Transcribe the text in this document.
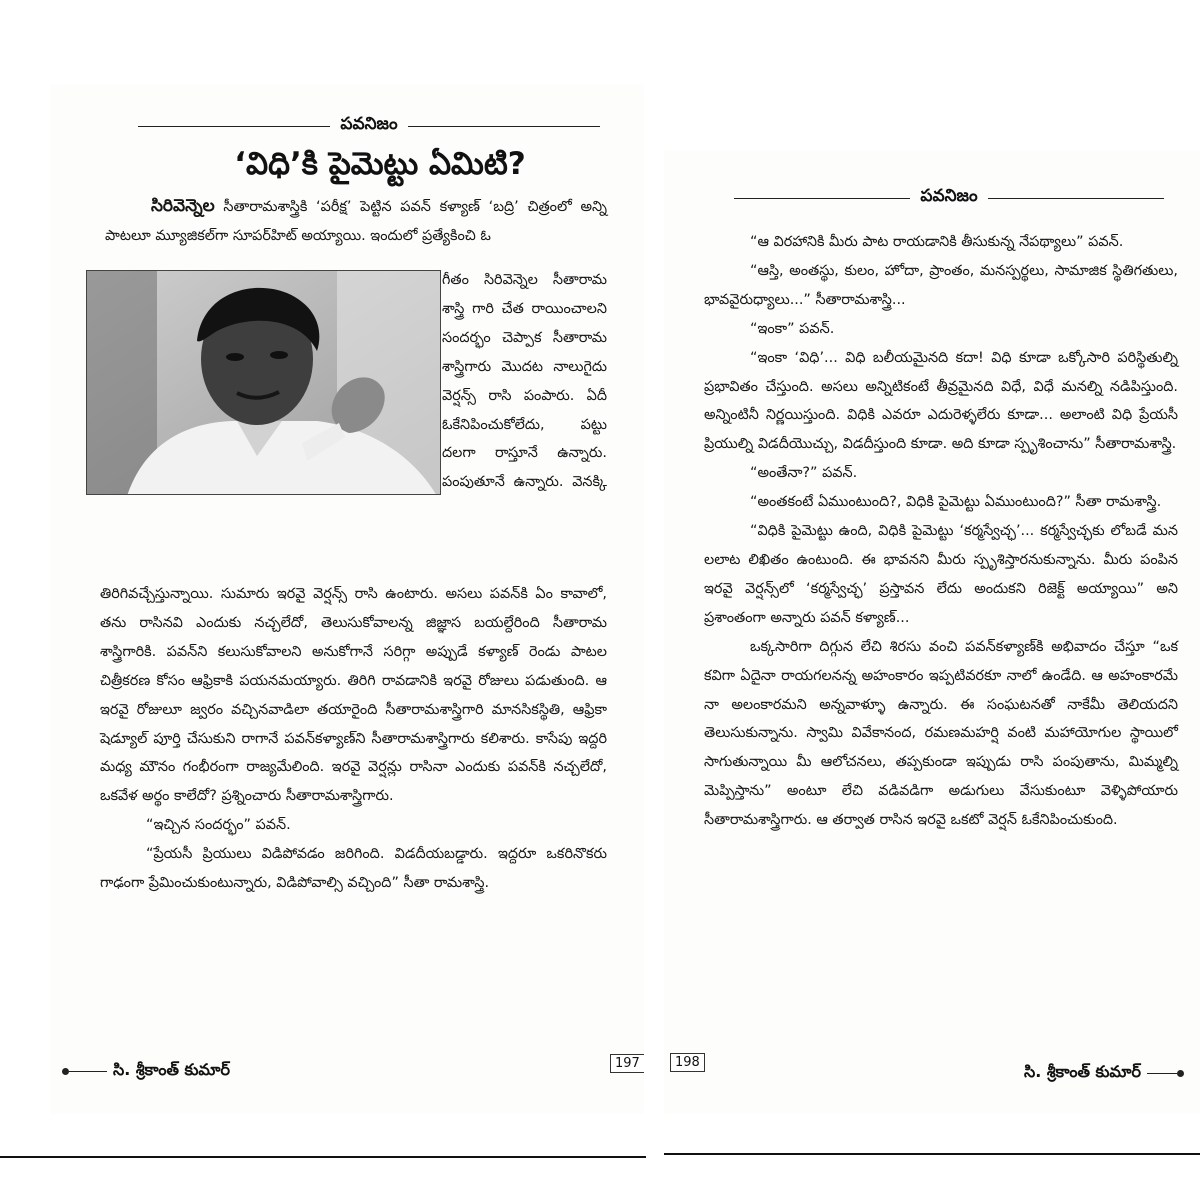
పవనిజం
‘విధి’కి పైమెట్టు ఏమిటి?

సిరివెన్నెల సీతారామశాస్త్రికి ‘పరీక్ష’ పెట్టిన పవన్ కళ్యాణ్ ‘బద్రి’ చిత్రంలో అన్ని పాటలూ మ్యూజికల్‌గా సూపర్‌హిట్ అయ్యాయి. ఇందులో ప్రత్యేకించి ఓ

గీతం సిరివెన్నెల సీతారామ

శాస్త్రి గారి చేత రాయించాలని

సందర్భం చెప్పాక సీతారామ

శాస్త్రిగారు మొదట నాలుగైదు

వెర్షన్స్ రాసి పంపారు. ఏదీ

ఓకేనిపించుకోలేదు, పట్టు

దలగా రాస్తూనే ఉన్నారు.

పంపుతూనే ఉన్నారు. వెనక్కి

తిరిగివచ్చేస్తున్నాయి. సుమారు ఇరవై వెర్షన్స్ రాసి ఉంటారు. అసలు పవన్‌కి ఏం కావాలో, తను రాసినవి ఎందుకు నచ్చలేదో, తెలుసుకోవాలన్న జిజ్ఞాస బయల్దేరింది సీతారామ శాస్త్రిగారికి. పవన్‌ని కలుసుకోవాలని అనుకోగానే సరిగ్గా అప్పుడే కళ్యాణ్ రెండు పాటల చిత్రీకరణ కోసం ఆఫ్రికాకి పయనమయ్యారు. తిరిగి రావడానికి ఇరవై రోజులు పడుతుంది. ఆ ఇరవై రోజులూ జ్వరం వచ్చినవాడిలా తయారైంది సీతారామశాస్త్రిగారి మానసికస్థితి, ఆఫ్రికా షెడ్యూల్ పూర్తి చేసుకుని రాగానే పవన్‌కళ్యాణ్‌ని సీతారామశాస్త్రిగారు కలిశారు. కాసేపు ఇద్దరి మధ్య మౌనం గంభీరంగా రాజ్యమేలింది. ఇరవై వెర్షన్లు రాసినా ఎందుకు పవన్‌కి నచ్చలేదో, ఒకవేళ అర్థం కాలేదో? ప్రశ్నించారు సీతారామశాస్త్రిగారు.

“ఇచ్చిన సందర్భం” పవన్.

“ప్రేయసీ ప్రియులు విడిపోవడం జరిగింది. విడదీయబడ్డారు. ఇద్దరూ ఒకరినొకరు గాఢంగా ప్రేమించుకుంటున్నారు, విడిపోవాల్సి వచ్చింది” సీతా రామశాస్త్రి.

సి. శ్రీకాంత్ కుమార్	197
పవనిజం

“ఆ విరహానికి మీరు పాట రాయడానికి తీసుకున్న నేపథ్యాలు” పవన్.

“ఆస్తి, అంతస్థు, కులం, హోదా, ప్రాంతం, మనస్పర్థలు, సామాజిక స్థితిగతులు, భావవైరుధ్యాలు...” సీతారామశాస్త్రి...

“ఇంకా” పవన్.

“ఇంకా ‘విధి’... విధి బలీయమైనది కదా! విధి కూడా ఒక్కోసారి పరిస్థితుల్ని ప్రభావితం చేస్తుంది. అసలు అన్నిటికంటే తీవ్రమైనది విధే, విధే మనల్ని నడిపిస్తుంది. అన్నింటినీ నిర్ణయిస్తుంది. విధికి ఎవరూ ఎదురెళ్ళలేరు కూడా... అలాంటి విధి ప్రేయసీ ప్రియుల్ని విడదీయొచ్చు, విడదీస్తుంది కూడా. అది కూడా స్పృశించాను” సీతారామశాస్త్రి.

“అంతేనా?” పవన్.

“అంతకంటే ఏముంటుంది?, విధికి పైమెట్టు ఏముంటుంది?” సీతా రామశాస్త్రి.

“విధికి పైమెట్టు ఉంది, విధికి పైమెట్టు ‘కర్మస్వేచ్ఛ’... కర్మస్వేచ్ఛకు లోబడే మన లలాట లిఖితం ఉంటుంది. ఈ భావనని మీరు స్పృశిస్తారనుకున్నాను. మీరు పంపిన ఇరవై వెర్షన్స్‌లో ‘కర్మస్వేచ్ఛ’ ప్రస్తావన లేదు అందుకని రిజెక్ట్ అయ్యాయి” అని ప్రశాంతంగా అన్నారు పవన్ కళ్యాణ్...

ఒక్కసారిగా దిగ్గున లేచి శిరసు వంచి పవన్‌కళ్యాణ్‌కి అభివాదం చేస్తూ “ఒక కవిగా ఏదైనా రాయగలనన్న అహంకారం ఇప్పటివరకూ నాలో ఉండేది. ఆ అహంకారమే నా అలంకారమని అన్నవాళ్ళూ ఉన్నారు. ఈ సంఘటనతో నాకేమీ తెలియదని తెలుసుకున్నాను. స్వామి వివేకానంద, రమణమహర్షి వంటి మహాయోగుల స్థాయిలో సాగుతున్నాయి మీ ఆలోచనలు, తప్పకుండా ఇప్పుడు రాసి పంపుతాను, మిమ్మల్ని మెప్పిస్తాను” అంటూ లేచి వడివడిగా అడుగులు వేసుకుంటూ వెళ్ళిపోయారు సీతారామశాస్త్రిగారు. ఆ తర్వాత రాసిన ఇరవై ఒకటో వెర్షన్ ఓకేనిపించుకుంది.

198	సి. శ్రీకాంత్ కుమార్
